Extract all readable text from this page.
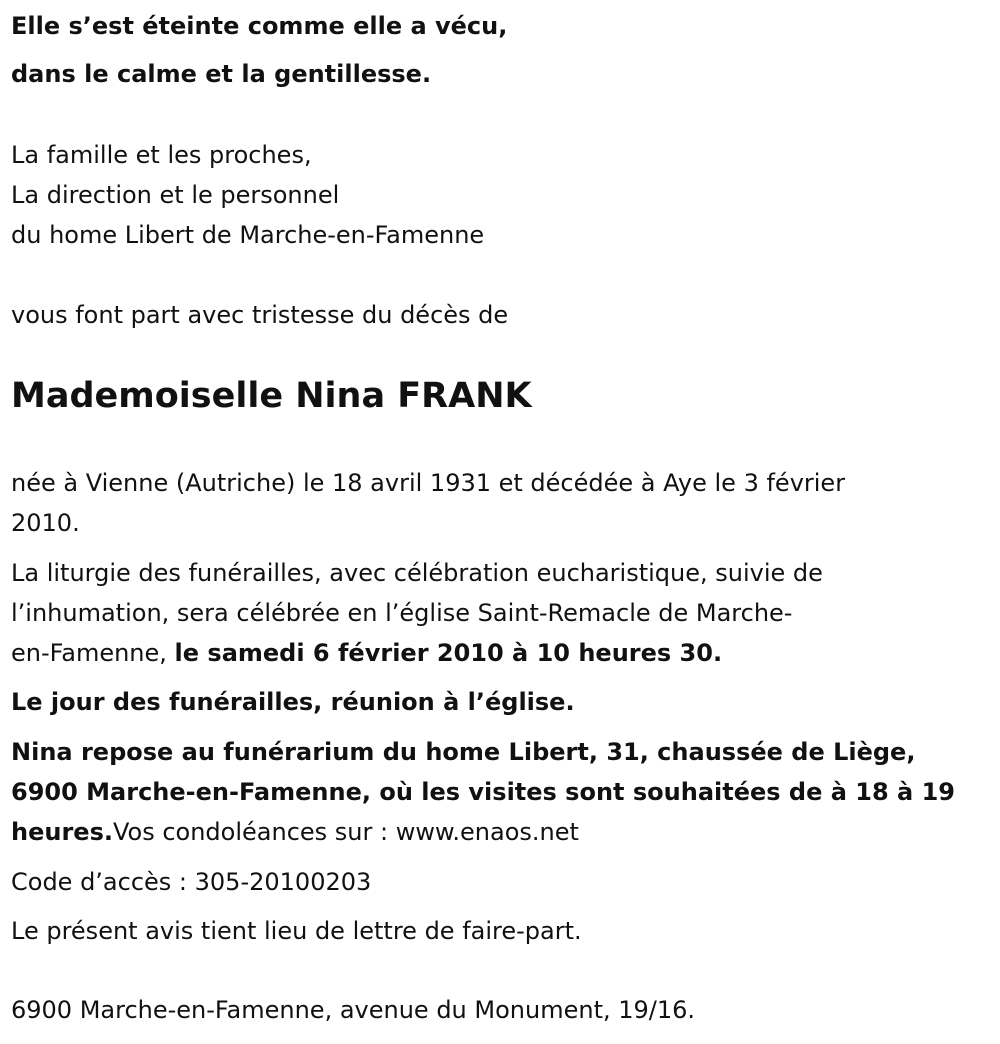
Elle s’est éteinte comme elle a vécu,

dans le calme et la gentillesse.

La famille et les proches,

La direction et le personnel

du home Libert de Marche-en-Famenne

vous font part avec tristesse du décès de

Mademoiselle Nina FRANK

née à Vienne (Autriche) le 18 avril 1931 et décédée à Aye le 3 février

2010.

La liturgie des funérailles, avec célébration eucharistique, suivie de

l’inhumation, sera célébrée en l’église Saint-Remacle de Marche-

en-Famenne, le samedi 6 février 2010 à 10 heures 30.

Le jour des funérailles, réunion à l’église.

Nina repose au funérarium du home Libert, 31, chaussée de Liège,

6900 Marche-en-Famenne, où les visites sont souhaitées de à 18 à 19

heures.Vos condoléances sur : www.enaos.net

Code d’accès : 305-20100203

Le présent avis tient lieu de lettre de faire-part.

6900 Marche-en-Famenne, avenue du Monument, 19/16.
